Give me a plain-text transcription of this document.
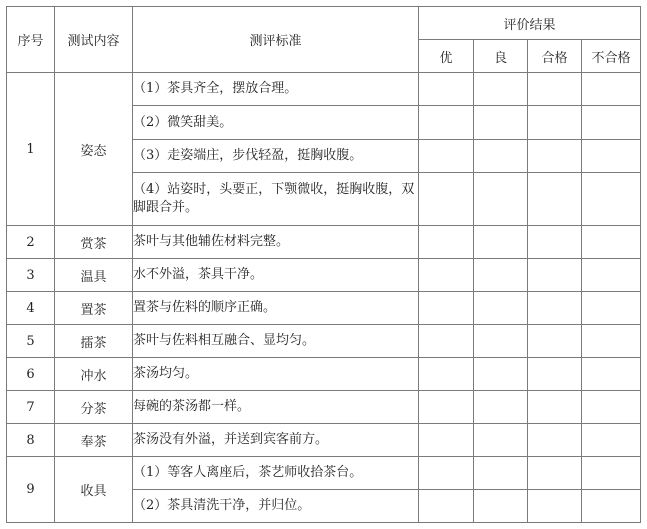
序号	测试内容	测评标准	评价结果			
			优	良	合格	不合格
1	姿态	（1）茶具齐全，摆放合理。				
		（2）微笑甜美。				
		（3）走姿端庄，步伐轻盈，挺胸收腹。				
		（4）站姿时，头要正，下颚微收，挺胸收腹，双脚跟合并。				
2	赏茶	茶叶与其他辅佐材料完整。				
3	温具	水不外溢，茶具干净。				
4	置茶	置茶与佐料的顺序正确。				
5	擂茶	茶叶与佐料相互融合、显均匀。				
6	冲水	茶汤均匀。				
7	分茶	每碗的茶汤都一样。				
8	奉茶	茶汤没有外溢，并送到宾客前方。				
9	收具	（1）等客人离座后，茶艺师收拾茶台。				
		（2）茶具清洗干净，并归位。				
